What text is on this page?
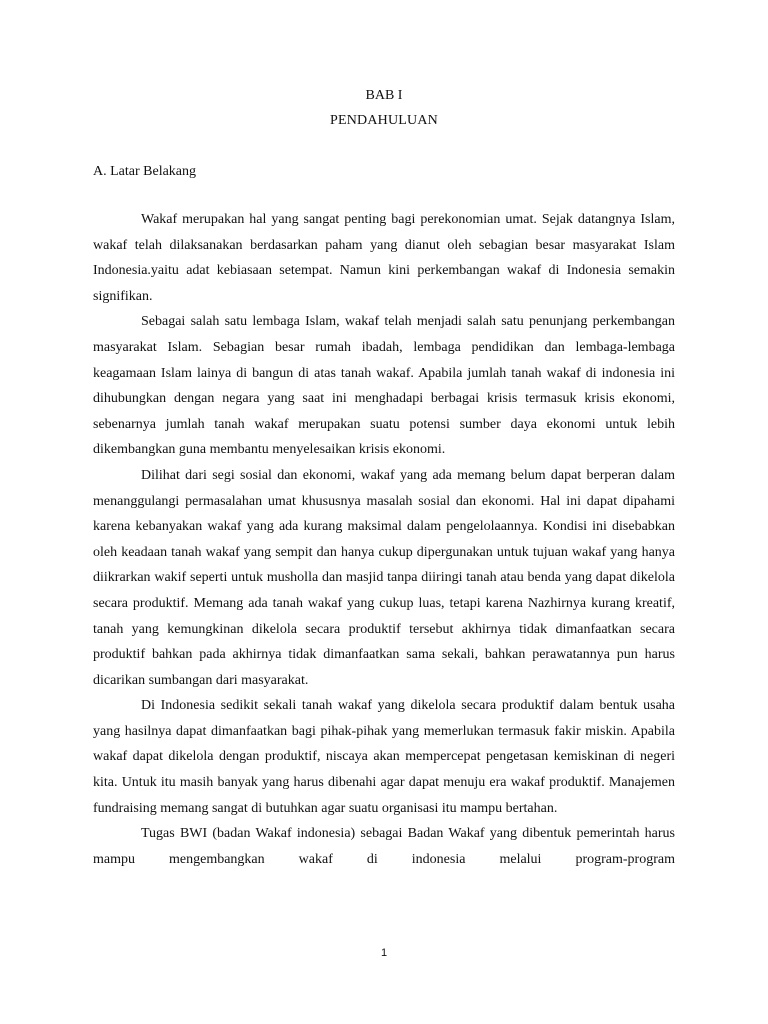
BAB I
PENDAHULUAN
A. Latar Belakang

Wakaf merupakan hal yang sangat penting bagi perekonomian umat. Sejak datangnya Islam, wakaf telah dilaksanakan berdasarkan paham yang dianut oleh sebagian besar masyarakat Islam Indonesia.yaitu adat kebiasaan setempat. Namun kini perkembangan wakaf di Indonesia semakin signifikan.

Sebagai salah satu lembaga Islam, wakaf telah menjadi salah satu penunjang perkembangan masyarakat Islam. Sebagian besar rumah ibadah, lembaga pendidikan dan lembaga-lembaga keagamaan Islam lainya di bangun di atas tanah wakaf. Apabila jumlah tanah wakaf di indonesia ini dihubungkan dengan negara yang saat ini menghadapi berbagai krisis termasuk krisis ekonomi, sebenarnya jumlah tanah wakaf merupakan suatu potensi sumber daya ekonomi untuk lebih dikembangkan guna membantu menyelesaikan krisis ekonomi.

Dilihat dari segi sosial dan ekonomi, wakaf yang ada memang belum dapat berperan dalam menanggulangi permasalahan umat khususnya masalah sosial dan ekonomi. Hal ini dapat dipahami karena kebanyakan wakaf yang ada kurang maksimal dalam pengelolaannya. Kondisi ini disebabkan oleh keadaan tanah wakaf yang sempit dan hanya cukup dipergunakan untuk tujuan wakaf yang hanya diikrarkan wakif seperti untuk musholla dan masjid tanpa diiringi tanah atau benda yang dapat dikelola secara produktif. Memang ada tanah wakaf yang cukup luas, tetapi karena Nazhirnya kurang kreatif, tanah yang kemungkinan dikelola secara produktif tersebut akhirnya tidak dimanfaatkan secara produktif bahkan pada akhirnya tidak dimanfaatkan sama sekali, bahkan perawatannya pun harus dicarikan sumbangan dari masyarakat.

Di Indonesia sedikit sekali tanah wakaf yang dikelola secara produktif dalam bentuk usaha yang hasilnya dapat dimanfaatkan bagi pihak-pihak yang memerlukan termasuk fakir miskin. Apabila wakaf dapat dikelola dengan produktif, niscaya akan mempercepat pengetasan kemiskinan di negeri kita. Untuk itu masih banyak yang harus dibenahi agar dapat menuju era wakaf produktif. Manajemen fundraising memang sangat di butuhkan agar suatu organisasi itu mampu bertahan.

Tugas BWI (badan Wakaf indonesia) sebagai Badan Wakaf yang dibentuk pemerintah harus mampu mengembangkan wakaf di indonesia melalui program-program

1
